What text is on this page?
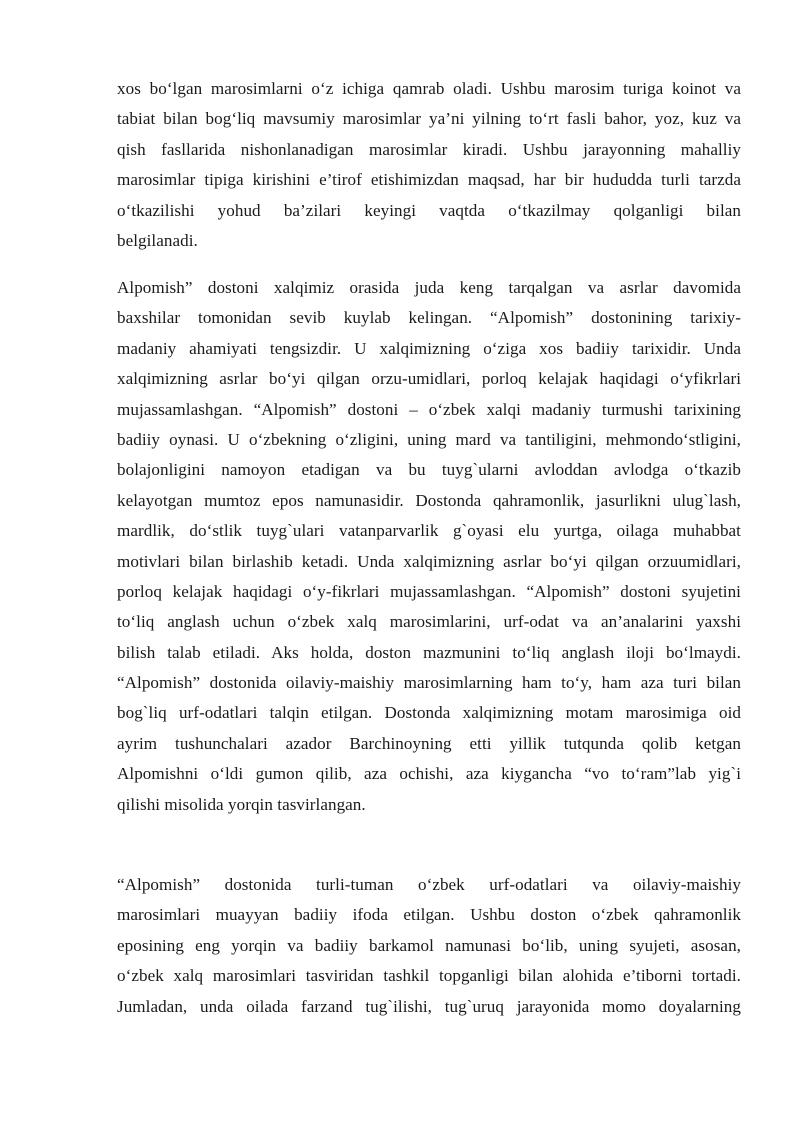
xos bo‘lgan marosimlarni o‘z ichiga qamrab oladi. Ushbu marosim turiga koinot va
tabiat bilan bog‘liq mavsumiy marosimlar ya’ni yilning to‘rt fasli bahor, yoz, kuz va
qish fasllarida nishonlanadigan marosimlar kiradi. Ushbu jarayonning mahalliy
marosimlar tipiga kirishini e’tirof etishimizdan maqsad, har bir hududda turli tarzda
o‘tkazilishi yohud ba’zilari keyingi vaqtda o‘tkazilmay qolganligi bilan
belgilanadi.
Alpomish” dostoni xalqimiz orasida juda keng tarqalgan va asrlar davomida
baxshilar tomonidan sevib kuylab kelingan. “Alpomish” dostonining tarixiy-
madaniy ahamiyati tengsizdir. U xalqimizning o‘ziga xos badiiy tarixidir. Unda
xalqimizning asrlar bo‘yi qilgan orzu-umidlari, porloq kelajak haqidagi o‘yfikrlari
mujassamlashgan. “Alpomish” dostoni – o‘zbek xalqi madaniy turmushi tarixining
badiiy oynasi. U o‘zbekning o‘zligini, uning mard va tantiligini, mehmondo‘stligini,
bolajonligini namoyon etadigan va bu tuyg`ularni avloddan avlodga o‘tkazib
kelayotgan mumtoz epos namunasidir. Dostonda qahramonlik, jasurlikni ulug`lash,
mardlik, do‘stlik tuyg`ulari vatanparvarlik g`oyasi elu yurtga, oilaga muhabbat
motivlari bilan birlashib ketadi. Unda xalqimizning asrlar bo‘yi qilgan orzuumidlari,
porloq kelajak haqidagi o‘y-fikrlari mujassamlashgan. “Alpomish” dostoni syujetini
to‘liq anglash uchun o‘zbek xalq marosimlarini, urf-odat va an’analarini yaxshi
bilish talab etiladi. Aks holda, doston mazmunini to‘liq anglash iloji bo‘lmaydi.
“Alpomish” dostonida oilaviy-maishiy marosimlarning ham to‘y, ham aza turi bilan
bog`liq urf-odatlari talqin etilgan. Dostonda xalqimizning motam marosimiga oid
ayrim tushunchalari azador Barchinoyning etti yillik tutqunda qolib ketgan
Alpomishni o‘ldi gumon qilib, aza ochishi, aza kiygancha “vo to‘ram”lab yig`i
qilishi misolida yorqin tasvirlangan.
“Alpomish” dostonida turli-tuman o‘zbek urf-odatlari va oilaviy-maishiy
marosimlari muayyan badiiy ifoda etilgan. Ushbu doston o‘zbek qahramonlik
eposining eng yorqin va badiiy barkamol namunasi bo‘lib, uning syujeti, asosan,
o‘zbek xalq marosimlari tasviridan tashkil topganligi bilan alohida e’tiborni tortadi.
Jumladan, unda oilada farzand tug`ilishi, tug`uruq jarayonida momo doyalarning
